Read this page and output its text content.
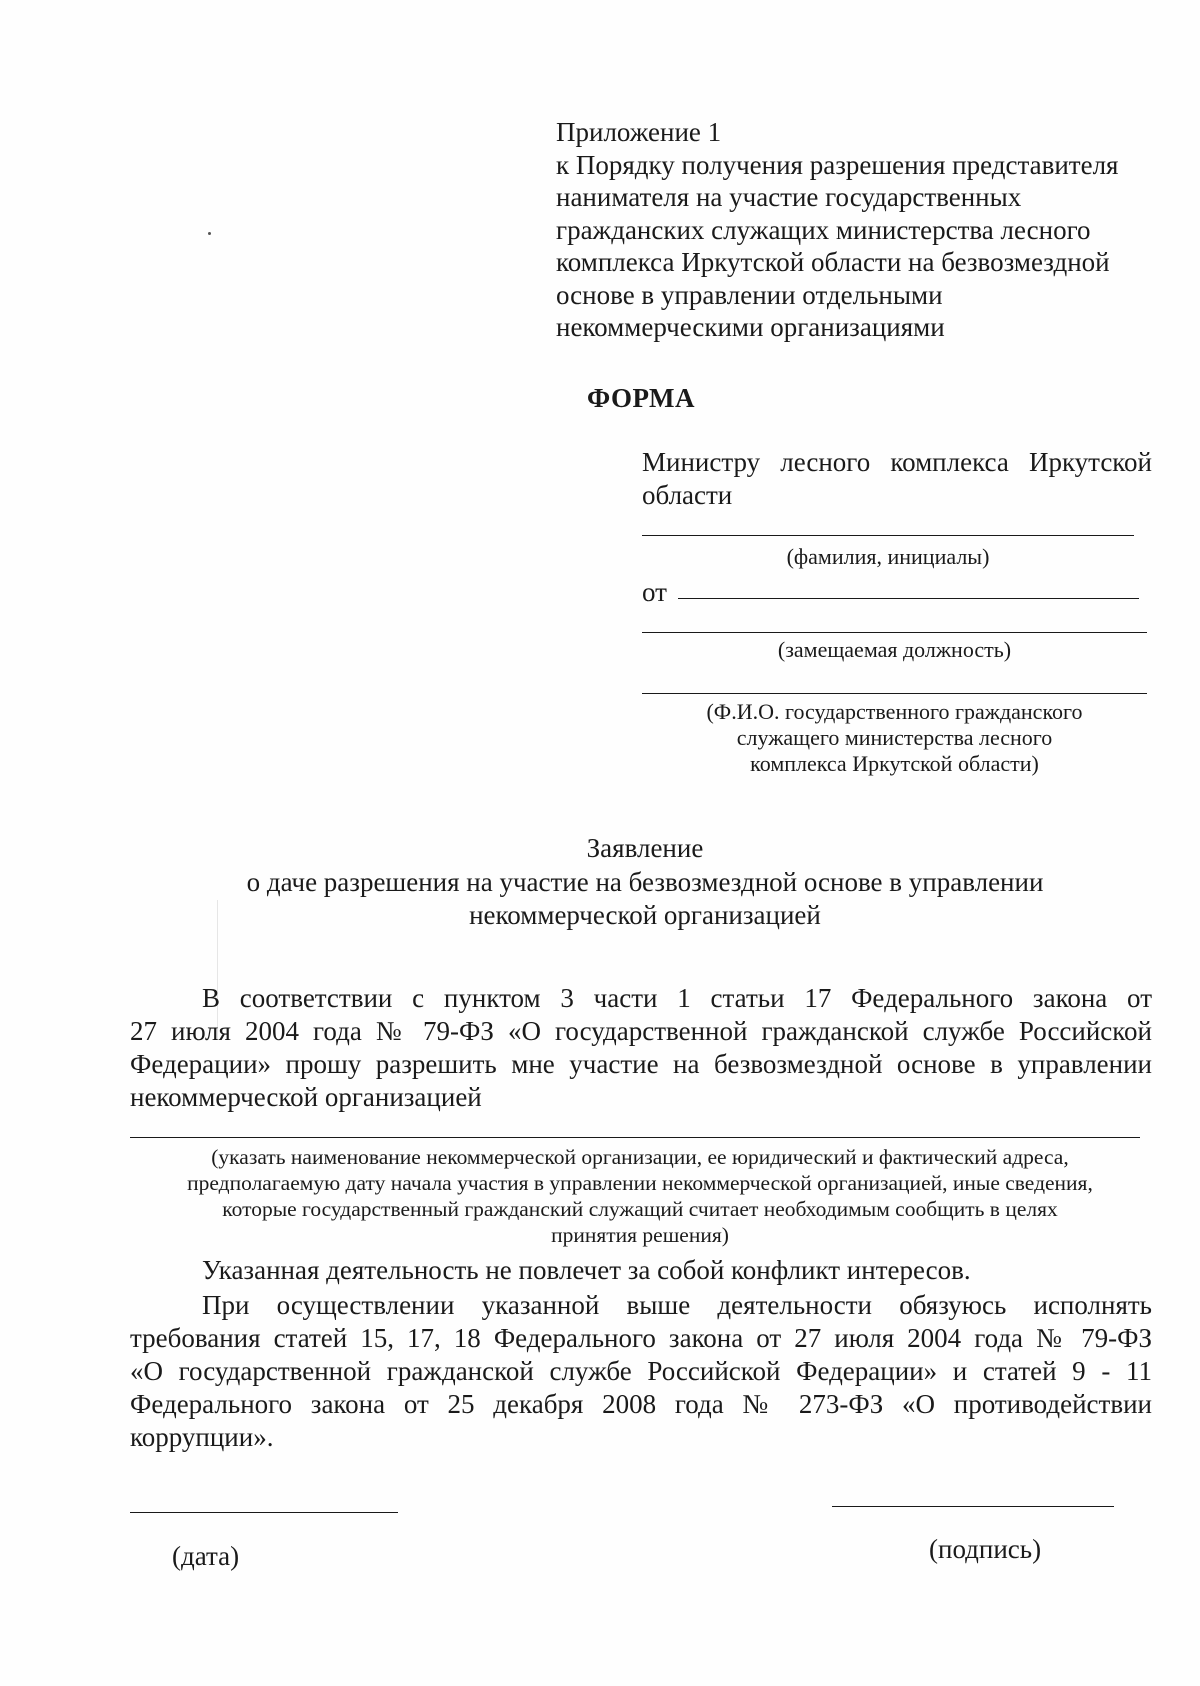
Приложение 1
к Порядку получения разрешения представителя
нанимателя на участие государственных
гражданских служащих министерства лесного
комплекса Иркутской области на безвозмездной
основе в управлении отдельными
некоммерческими организациями
ФОРМА
Министру лесного комплекса Иркутской области
(фамилия, инициалы)
от
(замещаемая должность)
(Ф.И.О. государственного гражданского
служащего министерства лесного
комплекса Иркутской области)
Заявление
о даче разрешения на участие на безвозмездной основе в управлении
некоммерческой организацией
В соответствии с пунктом 3 части 1 статьи 17 Федерального закона от
27 июля 2004 года № 79-ФЗ «О государственной гражданской службе Российской
Федерации» прошу разрешить мне участие на безвозмездной основе в управлении
некоммерческой организацией
(указать наименование некоммерческой организации, ее юридический и фактический адреса,
предполагаемую дату начала участия в управлении некоммерческой организацией, иные сведения,
которые государственный гражданский служащий считает необходимым сообщить в целях
принятия решения)
Указанная деятельность не повлечет за собой конфликт интересов.
При осуществлении указанной выше деятельности обязуюсь исполнять
требования статей 15, 17, 18 Федерального закона от 27 июля 2004 года № 79-ФЗ
«О государственной гражданской службе Российской Федерации» и статей 9 - 11
Федерального закона от 25 декабря 2008 года № 273-ФЗ «О противодействии
коррупции».
(дата)	(подпись)
